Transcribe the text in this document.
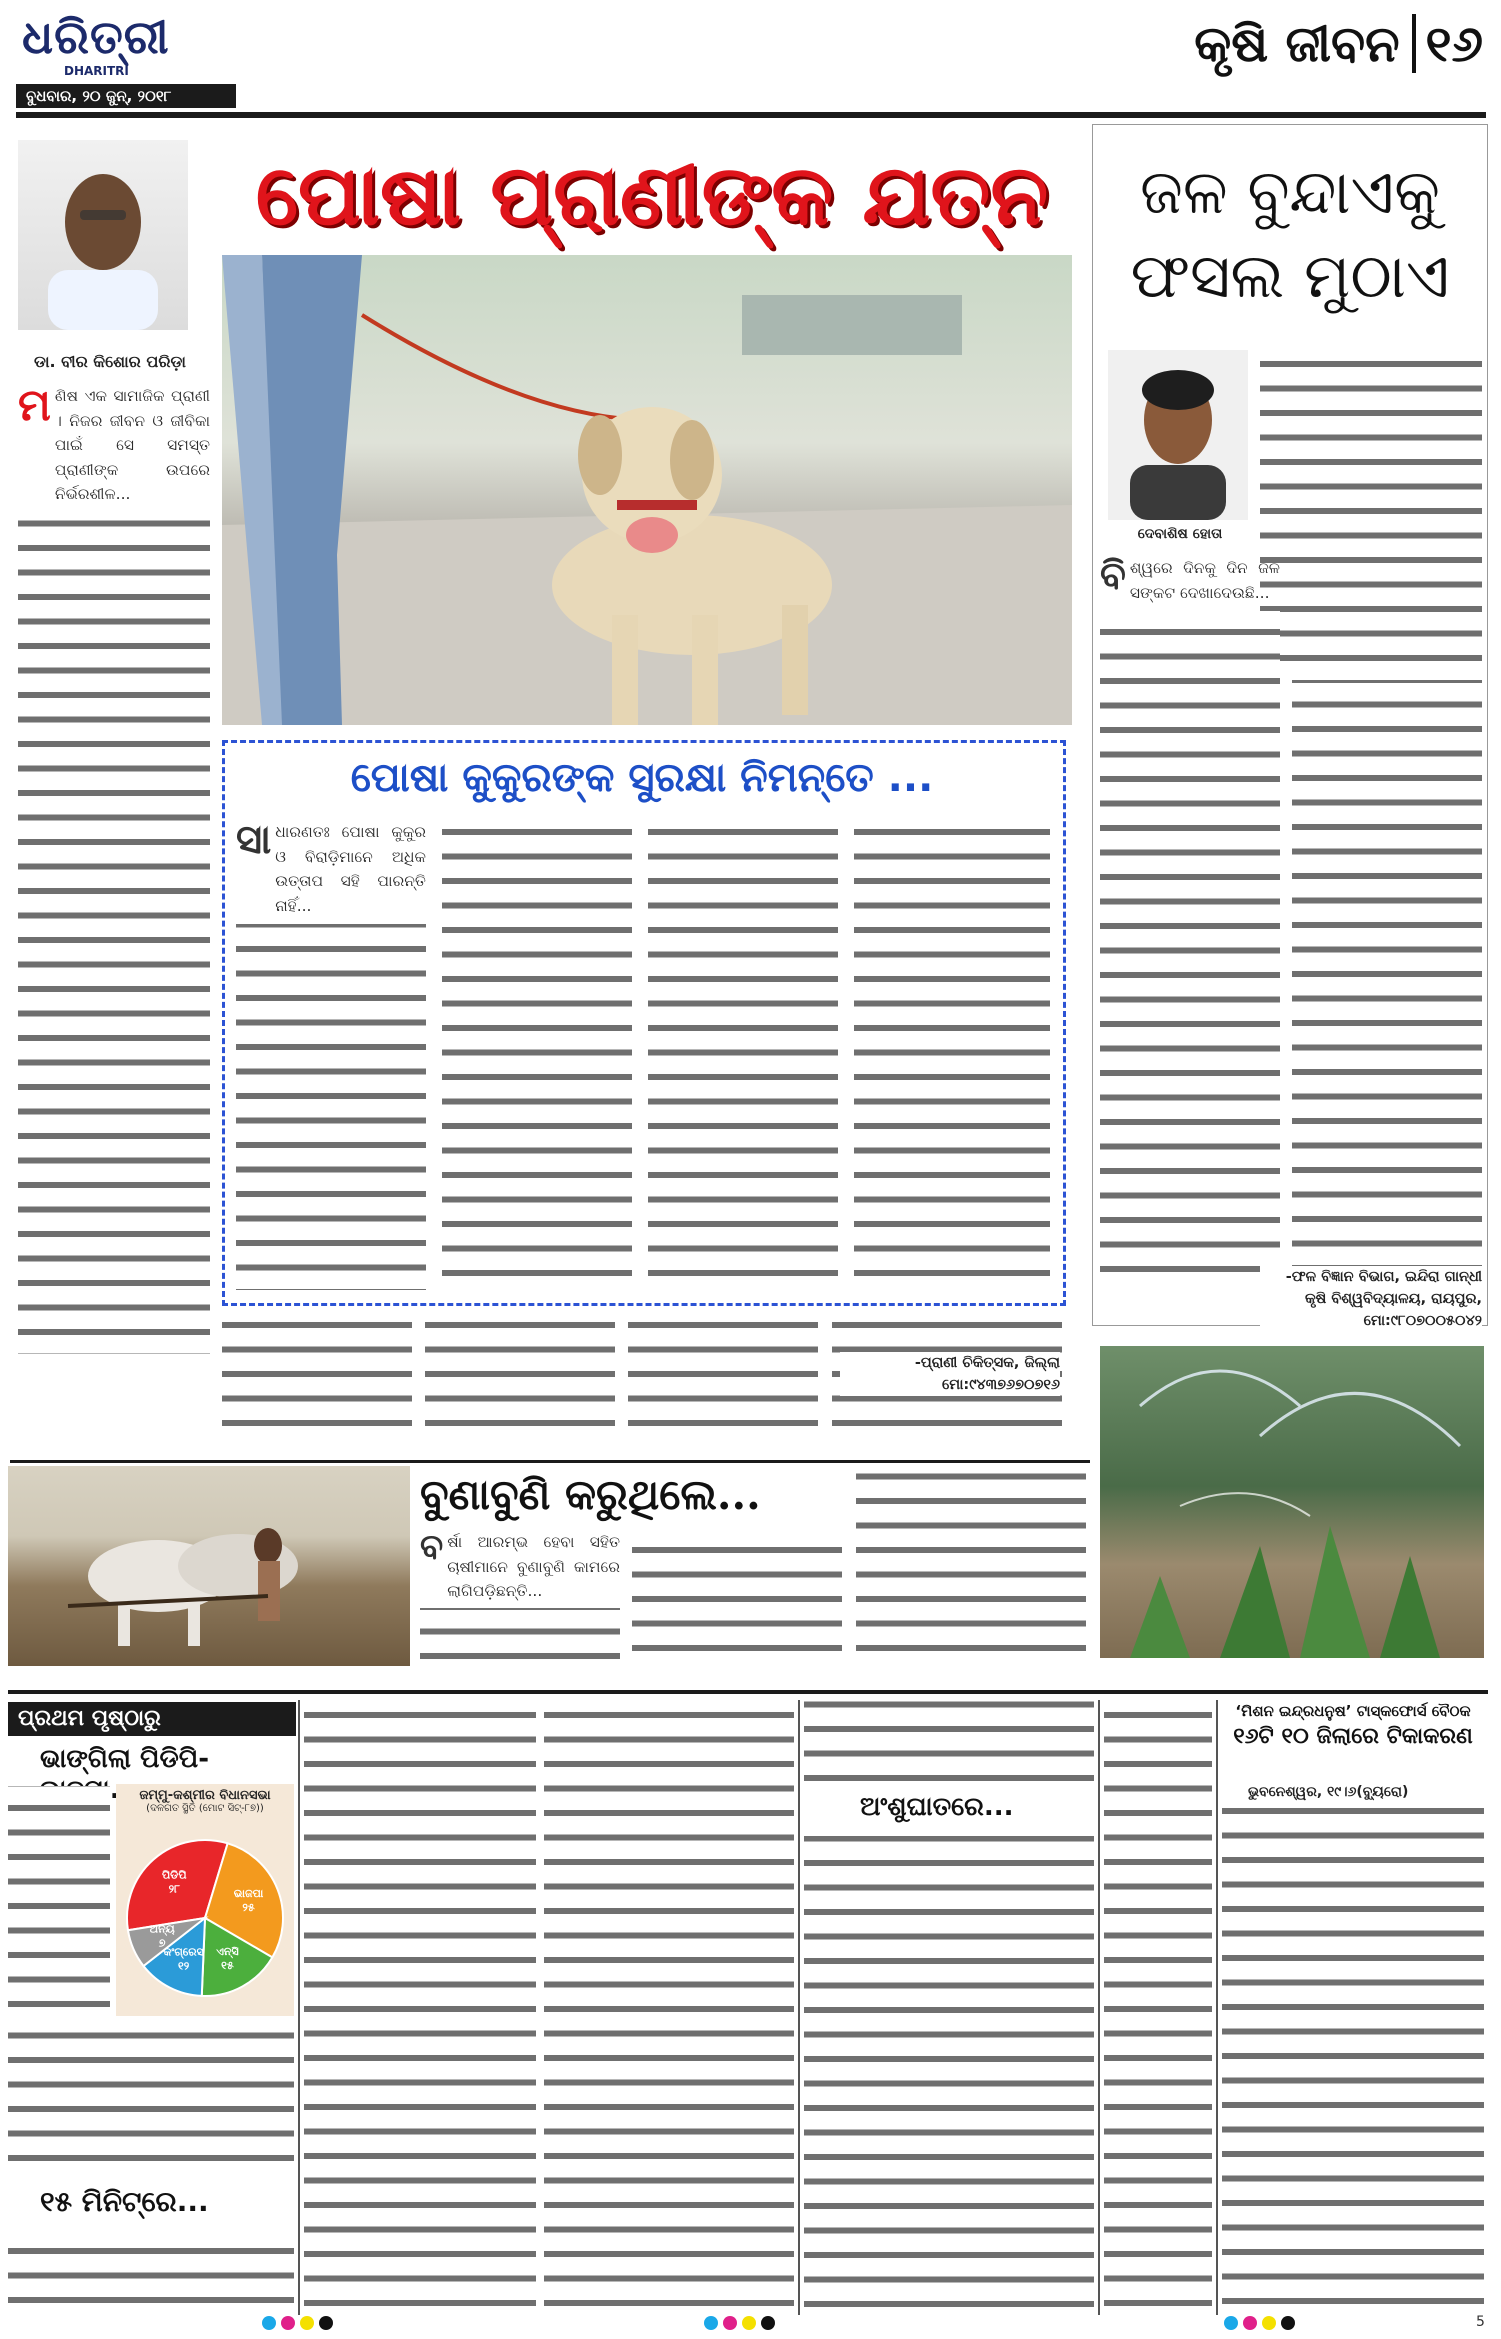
ଧରିତ୍ରୀ
DHARITRI
ବୁଧବାର, ୨୦ ଜୁନ୍, ୨୦୧୮
କୃଷି ଜୀବନ ୧୬
ଡା. ବୀର କିଶୋର ପରିଡ଼ା
ମ ଣିଷ ଏକ ସାମାଜିକ ପ୍ରାଣୀ । ନିଜର ଜୀବନ ଓ ଜୀବିକା ପାଇଁ ସେ ସମସ୍ତ ପ୍ରାଣୀଙ୍କ ଉପରେ ନିର୍ଭରଶୀଳ...
ପୋଷା ପ୍ରାଣୀଙ୍କ ଯତ୍ନ
ପୋଷା କୁକୁରଙ୍କ ସୁରକ୍ଷା ନିମନ୍ତେ ...
ସା ଧାରଣତଃ ପୋଷା କୁକୁର ଓ ବିରାଡ଼ିମାନେ ଅଧିକ ଉତ୍ତାପ ସହି ପାରନ୍ତି ନାହିଁ...
-ପ୍ରାଣୀ ଚିକିତ୍ସକ, ଜିଲ୍ଲା
ମୋ:୯୪୩୭୬୭୦୭୧୬
ଜଳ ବୁନ୍ଦାଏକୁ
ଫସଲ ମୁଠାଏ
ଦେବାଶିଷ ହୋତା
ବି ଶ୍ୱରେ ଦିନକୁ ଦିନ ଜଳ ସଙ୍କଟ ଦେଖାଦେଉଛି...
-ଫଳ ବିଜ୍ଞାନ ବିଭାଗ, ଇନ୍ଦିରା ଗାନ୍ଧୀ
କୃଷି ବିଶ୍ୱବିଦ୍ୟାଳୟ, ରାୟପୁର,
ମୋ:୯୮୦୭୦୦୫୦୪୨
ବୁଣାବୁଣି କରୁଥିଲେ...
ବ ର୍ଷା ଆରମ୍ଭ ହେବା ସହିତ ଚାଷୀମାନେ ବୁଣାବୁଣି କାମରେ ଲାଗିପଡ଼ିଛନ୍ତି...
ପ୍ରଥମ ପୃଷ୍ଠାରୁ
ଭାଙ୍ଗିଲା ପିଡିପି- .	ଜମ୍ମୁ-କଶ୍ମୀର ବିଧାନସଭା
(ଦଳଗତ ସ୍ଥିତି (ମୋଟ ସିଟ୍-୮୭))
ପିଡିପି
୨୮	ଭାଜପା
୨୫
ଏନ୍‌ସି
୧୫
କଂଗ୍ରେସ
୧୨
ଅନ୍ୟ
୭
୧୫ ମିନିଟ୍‌ରେ...
ଅଂଶୁଘାତରେ...
‘ମିଶନ ଇନ୍ଦ୍ରଧନୁଷ’ ଟାସ୍କଫୋର୍ସ ବୈଠକ
୧୬ଟି ୧୦ ଜିଲାରେ ଟିକାକରଣ
ଭୁବନେଶ୍ୱର, ୧୯।୬(ବ୍ୟୁରୋ)
5
